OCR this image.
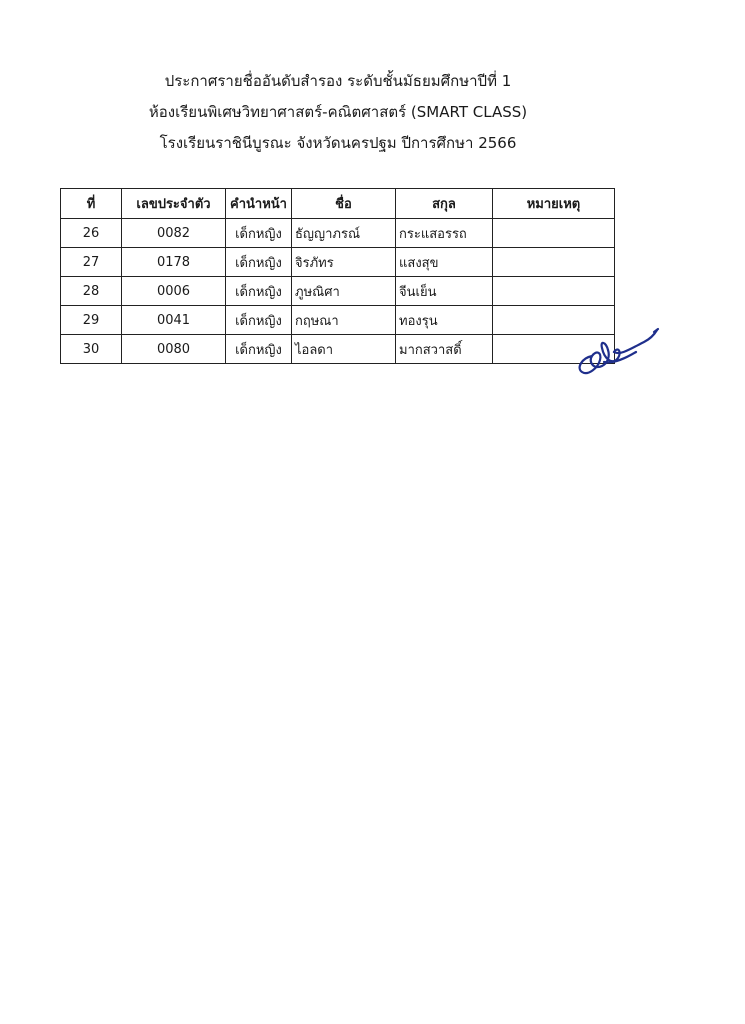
ประกาศรายชื่ออันดับสำรอง ระดับชั้นมัธยมศึกษาปีที่ 1
ห้องเรียนพิเศษวิทยาศาสตร์-คณิตศาสตร์ (SMART CLASS)
โรงเรียนราชินีบูรณะ จังหวัดนครปฐม ปีการศึกษา 2566
ที่	เลขประจำตัว	คำนำหน้า	ชื่อ	สกุล	หมายเหตุ
26	0082	เด็กหญิง	ธัญญาภรณ์	กระแสอรรถ	
27	0178	เด็กหญิง	จิรภัทร	แสงสุข	
28	0006	เด็กหญิง	ภูษณิศา	จีนเย็น	
29	0041	เด็กหญิง	กฤษณา	ทองรุน	
30	0080	เด็กหญิง	ไอลดา	มากสวาสดิ์	
